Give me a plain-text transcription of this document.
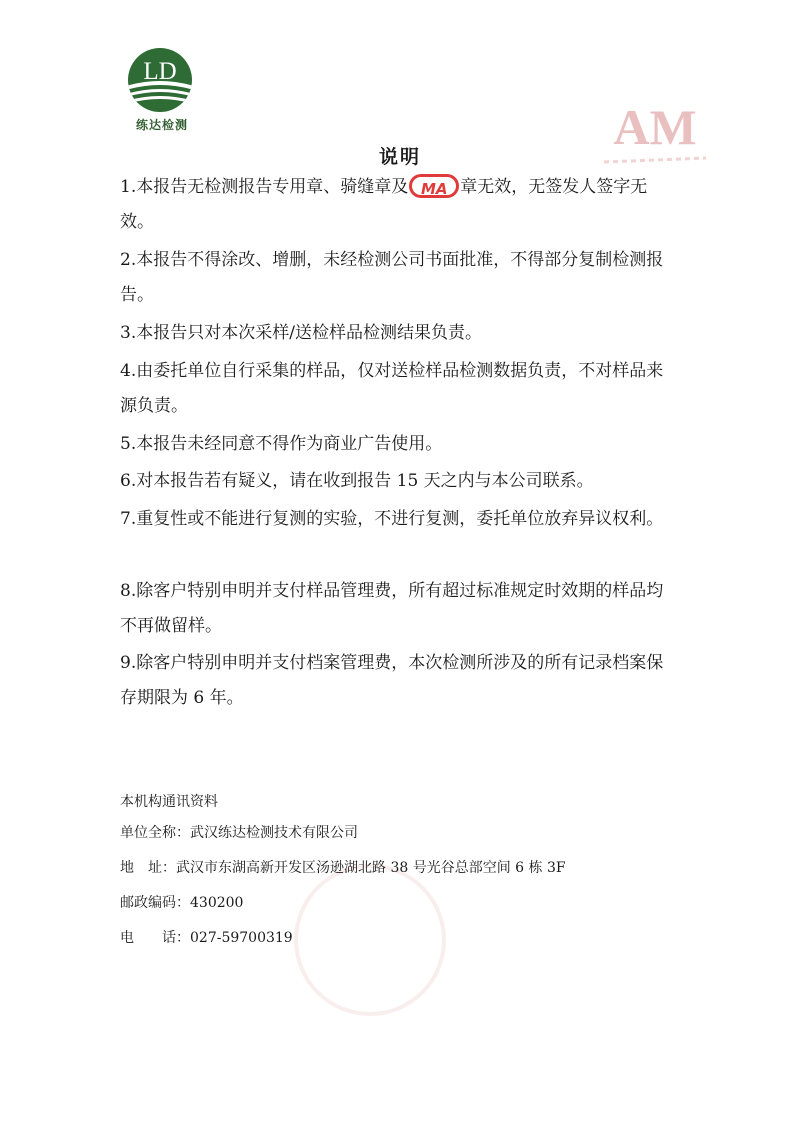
LD
练达检测	AM
说明

1.本报告无检测报告专用章、骑缝章及 MA 章无效，无签发人签字无效。

2.本报告不得涂改、增删，未经检测公司书面批准，不得部分复制检测报告。

3.本报告只对本次采样/送检样品检测结果负责。

4.由委托单位自行采集的样品，仅对送检样品检测数据负责，不对样品来源负责。

5.本报告未经同意不得作为商业广告使用。

6.对本报告若有疑义，请在收到报告 15 天之内与本公司联系。

7.重复性或不能进行复测的实验，不进行复测，委托单位放弃异议权利。

8.除客户特别申明并支付样品管理费，所有超过标准规定时效期的样品均不再做留样。

9.除客户特别申明并支付档案管理费，本次检测所涉及的所有记录档案保存期限为 6 年。

本机构通讯资料

单位全称：武汉练达检测技术有限公司

地　址：武汉市东湖高新开发区汤逊湖北路 38 号光谷总部空间 6 栋 3F

邮政编码：430200

电　　话：027-59700319
